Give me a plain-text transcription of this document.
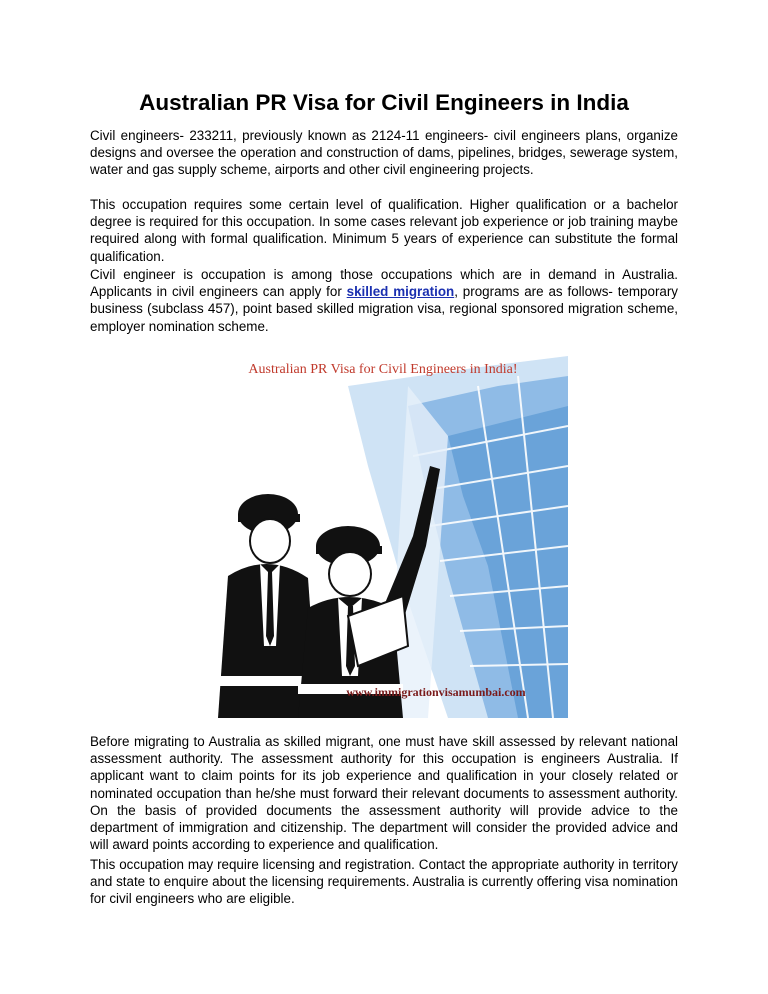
Australian PR Visa for Civil Engineers in India

Civil engineers- 233211, previously known as 2124-11 engineers- civil engineers plans, organize designs and oversee the operation and construction of dams, pipelines, bridges, sewerage system, water and gas supply scheme, airports and other civil engineering projects.

This occupation requires some certain level of qualification. Higher qualification or a bachelor degree is required for this occupation. In some cases relevant job experience or job training maybe required along with formal qualification. Minimum 5 years of experience can substitute the formal qualification.

Civil engineer is occupation is among those occupations which are in demand in Australia. Applicants in civil engineers can apply for skilled migration, programs are as follows- temporary business (subclass 457), point based skilled migration visa, regional sponsored migration scheme, employer nomination scheme.

Australian PR Visa for Civil Engineers in India!
www.immigrationvisamumbai.com

Before migrating to Australia as skilled migrant, one must have skill assessed by relevant national assessment authority. The assessment authority for this occupation is engineers Australia. If applicant want to claim points for its job experience and qualification in your closely related or nominated occupation than he/she must forward their relevant documents to assessment authority. On the basis of provided documents the assessment authority will provide advice to the department of immigration and citizenship. The department will consider the provided advice and will award points according to experience and qualification.

This occupation may require licensing and registration. Contact the appropriate authority in territory and state to enquire about the licensing requirements. Australia is currently offering visa nomination for civil engineers who are eligible.
